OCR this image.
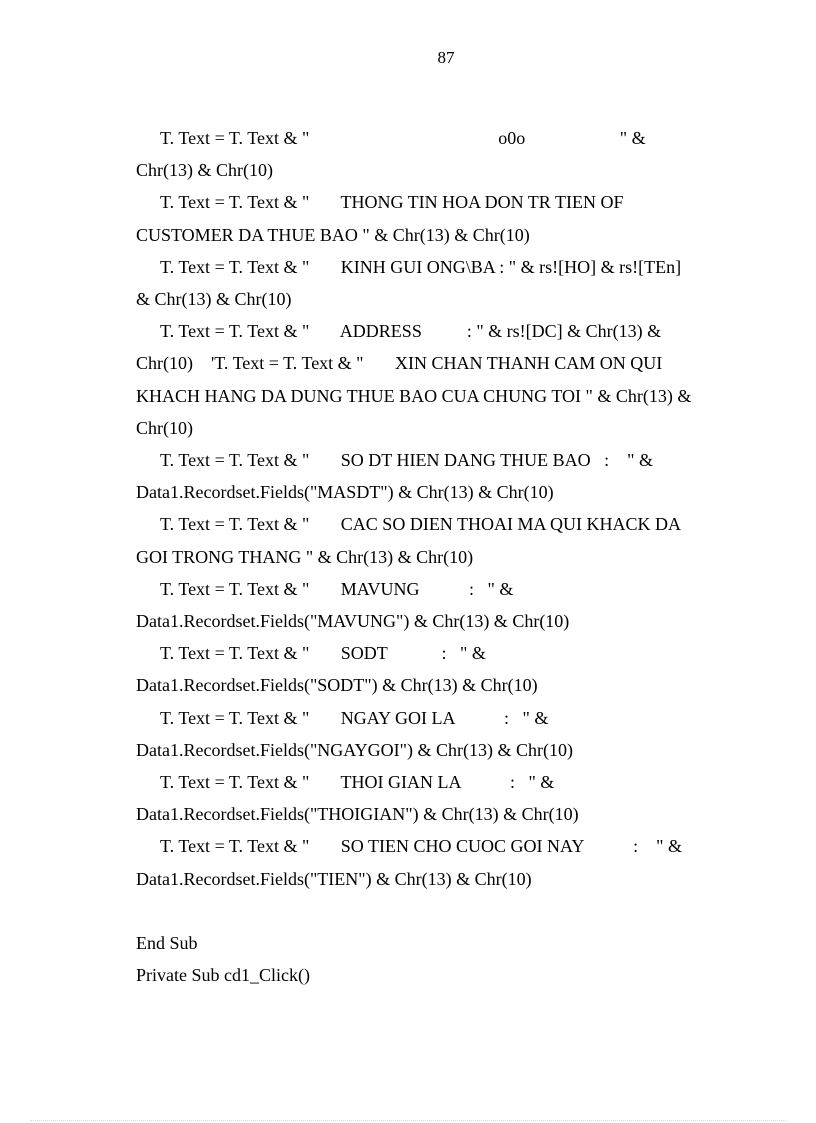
87
T. Text = T. Text & "                                          o0o                     " &
Chr(13) & Chr(10)
T. Text = T. Text & "       THONG TIN HOA DON TR TIEN OF
CUSTOMER DA THUE BAO " & Chr(13) & Chr(10)
T. Text = T. Text & "       KINH GUI ONG\BA : " & rs![HO] & rs![TEn]
& Chr(13) & Chr(10)
T. Text = T. Text & "       ADDRESS          : " & rs![DC] & Chr(13) &
Chr(10)    'T. Text = T. Text & "       XIN CHAN THANH CAM ON QUI
KHACH HANG DA DUNG THUE BAO CUA CHUNG TOI " & Chr(13) &
Chr(10)
T. Text = T. Text & "       SO DT HIEN DANG THUE BAO   :    " &
Data1.Recordset.Fields("MASDT") & Chr(13) & Chr(10)
T. Text = T. Text & "       CAC SO DIEN THOAI MA QUI KHACK DA
GOI TRONG THANG " & Chr(13) & Chr(10)
T. Text = T. Text & "       MAVUNG           :   " &
Data1.Recordset.Fields("MAVUNG") & Chr(13) & Chr(10)
T. Text = T. Text & "       SODT            :   " &
Data1.Recordset.Fields("SODT") & Chr(13) & Chr(10)
T. Text = T. Text & "       NGAY GOI LA           :   " &
Data1.Recordset.Fields("NGAYGOI") & Chr(13) & Chr(10)
T. Text = T. Text & "       THOI GIAN LA           :   " &
Data1.Recordset.Fields("THOIGIAN") & Chr(13) & Chr(10)
T. Text = T. Text & "       SO TIEN CHO CUOC GOI NAY           :    " &
Data1.Recordset.Fields("TIEN") & Chr(13) & Chr(10)
End Sub
Private Sub cd1_Click()
